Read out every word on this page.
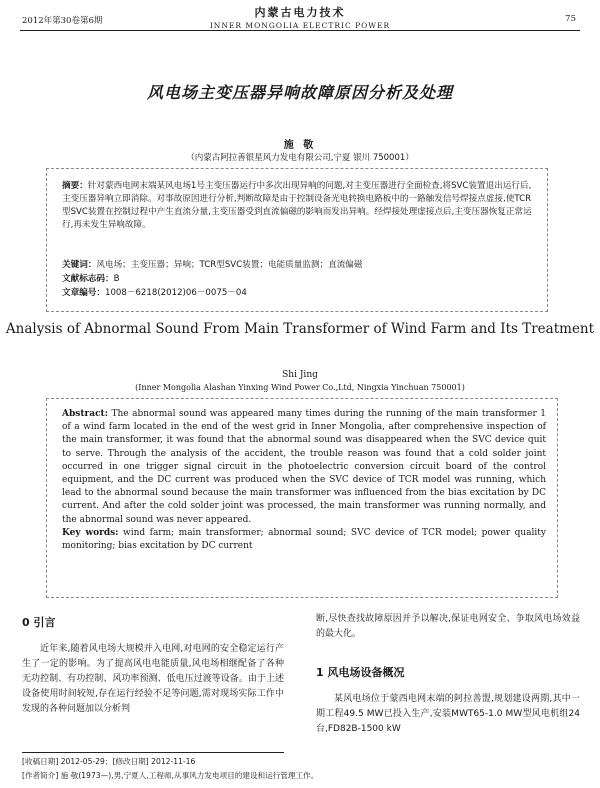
2012年第30卷第6期
内蒙古电力技术
INNER MONGOLIA ELECTRIC POWER
75
风电场主变压器异响故障原因分析及处理
施 敬
（内蒙古阿拉善银星风力发电有限公司,宁夏 银川 750001）

摘要：针对蒙西电网末端某风电场1号主变压器运行中多次出现异响的问题,对主变压器进行全面检查,将SVC装置退出运行后,主变压器异响立即消除。对事故原因进行分析,判断故障是由于控制设备光电转换电路板中的一路触发信号焊接点虚接,使TCR型SVC装置在控制过程中产生直流分量,主变压器受到直流偏磁的影响而发出异响。经焊接处理虚接点后,主变压器恢复正常运行,再未发生异响故障。

关键词：风电场；主变压器；异响；TCR型SVC装置；电能质量监测；直流偏磁
文献标志码：B
文章编号：1008－6218(2012)06－0075－04
Analysis of Abnormal Sound From Main Transformer of Wind Farm and Its Treatment
Shi Jing
(Inner Mongolia Alashan Yinxing Wind Power Co.,Ltd, Ningxia Yinchuan 750001)

Abstract: The abnormal sound was appeared many times during the running of the main transformer 1 of a wind farm located in the end of the west grid in Inner Mongolia, after comprehensive inspection of the main transformer, it was found that the abnormal sound was disappeared when the SVC device quit to serve. Through the analysis of the accident, the trouble reason was found that a cold solder joint occurred in one trigger signal circuit in the photoelectric conversion circuit board of the control equipment, and the DC current was produced when the SVC device of TCR model was running, which lead to the abnormal sound because the main transformer was influenced from the bias excitation by DC current. And after the cold solder joint was processed, the main transformer was running normally, and the abnormal sound was never appeared.
Key words: wind farm; main transformer; abnormal sound; SVC device of TCR model; power quality monitoring; bias excitation by DC current

0 引言

近年来,随着风电场大规模并入电网,对电网的安全稳定运行产生了一定的影响。为了提高风电电能质量,风电场相继配备了各种无功控制、有功控制、风功率预测、低电压过渡等设备。由于上述设备使用时间较短,存在运行经验不足等问题,需对现场实际工作中发现的各种问题加以分析判

断,尽快查找故障原因并予以解决,保证电网安全、争取风电场效益的最大化。

1 风电场设备概况

某风电场位于蒙西电网末端的阿拉善盟,规划建设两期,其中一期工程49.5 MW已投入生产,安装MWT65-1.0 MW型风电机组24台,FD82B-1500 kW

[收稿日期] 2012-05-29；[修改日期] 2012-11-16
[作者简介] 施 敬(1973—),男,宁夏人,工程师,从事风力发电项目的建设和运行管理工作。
